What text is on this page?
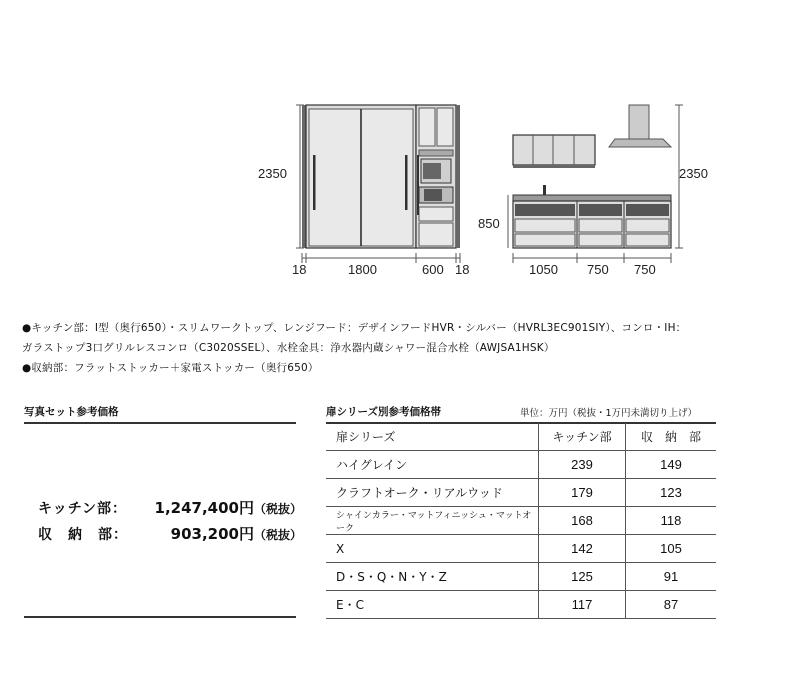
2350
18	1800	600 18
2350
850
1050 750 750
●キッチン部：I型（奥行650）・スリムワークトップ、レンジフード：デザインフードHVR・シルバー（HVRL3EC901SIY）、コンロ・IH：
ガラストップ3口グリルレスコンロ（C3020SSEL）、水栓金具：浄水器内蔵シャワー混合水栓（AWJSA1HSK）
●収納部：フラットストッカー＋家電ストッカー（奥行650）
写真セット参考価格
キッチン部： 1,247,400円（税抜）
収　納　部：	903,200円（税抜）
扉シリーズ別参考価格帯	単位：万円（税抜・1万円未満切り上げ）
扉シリーズ	キッチン部	収　納　部
ハイグレイン	239	149
クラフトオーク・リアルウッド	179	123
シャインカラー・マットフィニッシュ・マットオーク	168	118
X	142	105
D・S・Q・N・Y・Z	125	91
E・C	117	87
